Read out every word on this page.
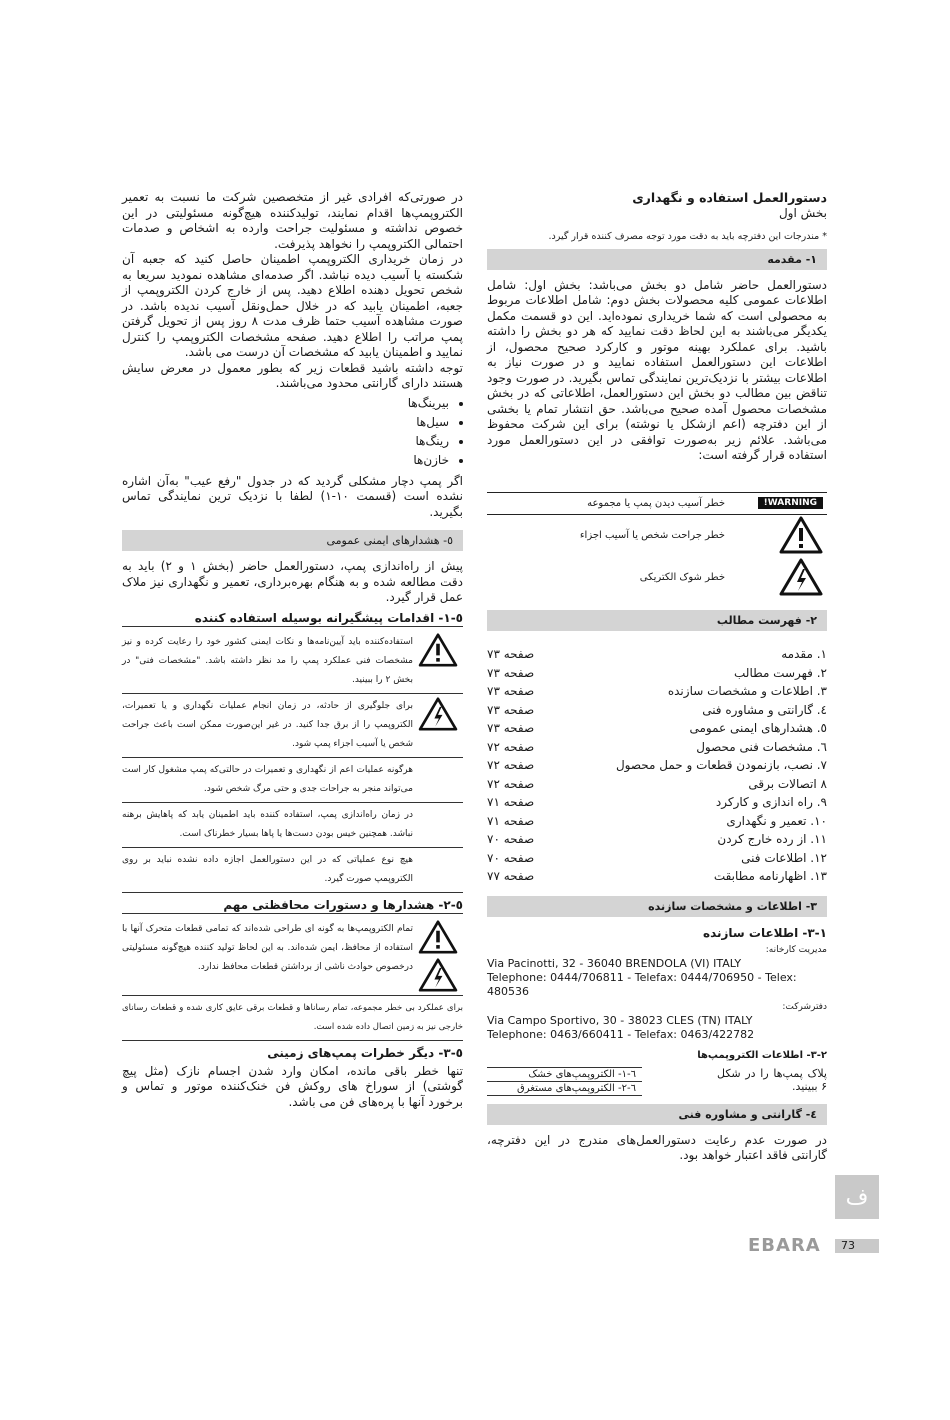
دستورالعمل استفاده و نگهداری

بخش اول

* مندرجات این دفترچه باید به دقت مورد توجه مصرف کننده قرار گیرد.

۱- مقدمه

دستورالعمل حاضر شامل دو بخش می‌باشد: بخش اول: شامل اطلاعات عمومی کلیه محصولات بخش دوم: شامل اطلاعات مربوط به محصولی است که شما خریداری نموده‌اید. این دو قسمت مکمل یکدیگر می‌باشند به این لحاظ دقت نمایید که هر دو بخش را داشته باشید. برای عملکرد بهینه موتور و کارکرد صحیح محصول، از اطلاعات این دستورالعمل استفاده نمایید و در صورت نیاز به اطلاعات بیشتر با نزدیک‌ترین نمایندگی تماس بگیرید. در صورت وجود تناقض بین مطالب دو بخش این دستورالعمل، اطلاعاتی که در بخش مشخصات محصول آمده صحیح می‌باشد. حق انتشار تمام یا بخشی از این دفترچه (اعم ازشکل یا نوشته) برای این شرکت محفوظ می‌باشد. علائم زیر به‌صورت توافقی در این دستورالعمل مورد استفاده قرار گرفته است:

WARNING!	خطر آسیب دیدن پمپ یا مجموعه

	خطر جراحت شخص یا آسیب اجزاء

	خطر شوک الکتریکی
۲- فهرست مطالب
۱. مقدمه	صفحه ۷۳
۲. فهرست مطالب	صفحه ۷۳
۳. اطلاعات و مشخصات سازنده	صفحه ۷۳
٤. گارانتی و مشاوره فنی	صفحه ۷۳
٥. هشدارهای ایمنی عمومی	صفحه ۷۳
٦. مشخصات فنی محصول	صفحه ۷۲
۷. نصب، بازنمودن قطعات و حمل محصول	صفحه ۷۲
۸ اتصالات برقی	صفحه ۷۲
۹. راه اندازی و کارکرد	صفحه ۷۱
۱۰. تعمیر و نگهداری	صفحه ۷۱
۱۱. از رده خارج کردن	صفحه ۷۰
۱۲. اطلاعات فنی	صفحه ۷۰
۱۳. اظهارنامه مطابقت	صفحه ۷۷
۳- اطلاعات و مشخصات سازنده

۳-۱- اطلاعات سازنده

مدیریت کارخانه:

Via Pacinotti, 32 - 36040 BRENDOLA (VI) ITALY

Telephone: 0444/706811 - Telefax: 0444/706950 - Telex: 480536

دفترشرکت:

Via Campo Sportivo, 30 - 38023 CLES (TN) ITALY

Telephone: 0463/660411 - Telefax: 0463/422782

۳-۲- اطلاعات الکتروپمپ‌ها

پلاک پمپ‌ها را در شکل ۶ ببینید.

٦-۱- الکتروپمپ‌های خشک
٦-۲- الکتروپمپ‌های مستغرق
٤- گارانتی و مشاوره فنی

در صورت عدم رعایت دستورالعمل‌های مندرج در این دفترچه، گارانتی فاقد اعتبار خواهد بود.

در صورتی‌که افرادی غیر از متخصصین شرکت ما نسبت به تعمیر الکتروپمپ‌ها اقدام نمایند، تولیدکننده هیچ‌گونه مسئولیتی در این خصوص نداشته و مسئولیت جراحت وارده به اشخاص و صدمات احتمالی الکتروپمپ را نخواهد پذیرفت.

در زمان خریداری الکتروپمپ اطمینان حاصل کنید که جعبه آن شکسته یا آسیب دیده نباشد. اگر صدمه‌ای مشاهده نمودید سریعا به شخص تحویل دهنده اطلاع دهید. پس از خارج کردن الکتروپمپ از جعبه، اطمینان یابید که در خلال حمل‌ونقل آسیب ندیده باشد. در صورت مشاهده آسیب حتما ظرف مدت ۸ روز پس از تحویل گرفتن پمپ مراتب را اطلاع دهید. صفحه مشخصات الکتروپمپ را کنترل نمایید و اطمینان یابید که مشخصات آن درست می باشد.

توجه داشته باشید قطعات زیر که بطور معمول در معرض سایش هستند دارای گارانتی محدود می‌باشند.

• بیرینگ‌ها
• سیل‌ها
• رینگ‌ها
• خازن‌ها

اگر پمپ دچار مشکلی گردید که در جدول "رفع عیب" به‌آن اشاره نشده است (قسمت ۱۰-۱) لطفا با نزدیک ترین نمایندگی تماس بگیرید.

٥- هشدارهای ایمنی عمومی

پیش از راه‌اندازی پمپ، دستورالعمل حاضر (بخش ۱ و ۲) باید به دقت مطالعه شده و به هنگام بهره‌برداری، تعمیر و نگهداری نیز ملاک عمل قرار گیرد.

٥-۱- اقدامات پیشگیرانه بوسیله استفاده کننده

استفاده‌کننده باید آیین‌نامه‌ها و نکات ایمنی کشور خود را رعایت کرده و نیز مشخصات فنی عملکرد پمپ را مد نظر داشته باشد. "مشخصات فنی" در بخش ۲ را ببینید.
برای جلوگیری از حادثه، در زمان انجام عملیات نگهداری و یا تعمیرات، الکتروپمپ را از برق جدا کنید. در غیر این‌صورت ممکن است باعث جراحت شخص یا آسیب اجزاء پمپ شود.
هرگونه عملیات اعم از نگهداری و تعمیرات در حالتی‌که پمپ مشغول کار است می‌تواند منجر به جراحات جدی و حتی مرگ شخص شود.
در زمان راه‌اندازی پمپ، استفاده کننده باید اطمینان یابد که پاهایش برهنه نباشد. همچنین خیس بودن دست‌ها یا پاها بسیار خطرناک است.
هیچ نوع عملیاتی که در این دستورالعمل اجازه داده نشده نباید بر روی الکتروپمپ صورت گیرد.

٥-۲- هشدارها و دستورات محافظتی مهم

تمام الکتروپمپ‌ها به گونه ای طراحی شده‌اند که تمامی قطعات متحرک آنها با استفاده از محافظ، ایمن شده‌اند. به این لحاظ تولید کننده هیچ‌گونه مسئولیتی درخصوص حوادث ناشی از برداشتن قطعات محافظ ندارد.
برای عملکرد بی خطر مجموعه، تمام رساناها و قطعات برقی عایق کاری شده و قطعات رسانای خارجی نیز به زمین اتصال داده شده است.

٥-۳- دیگر خطرات پمپ‌های زمینی

تنها خطر باقی مانده، امکان وارد شدن اجسام نازک (مثل پیچ گوشتی) از سوراخ های روکش فن خنک‌کننده موتور و تماس و برخورد آنها با پره‌های فن می باشد.

EBARA
ف
73
